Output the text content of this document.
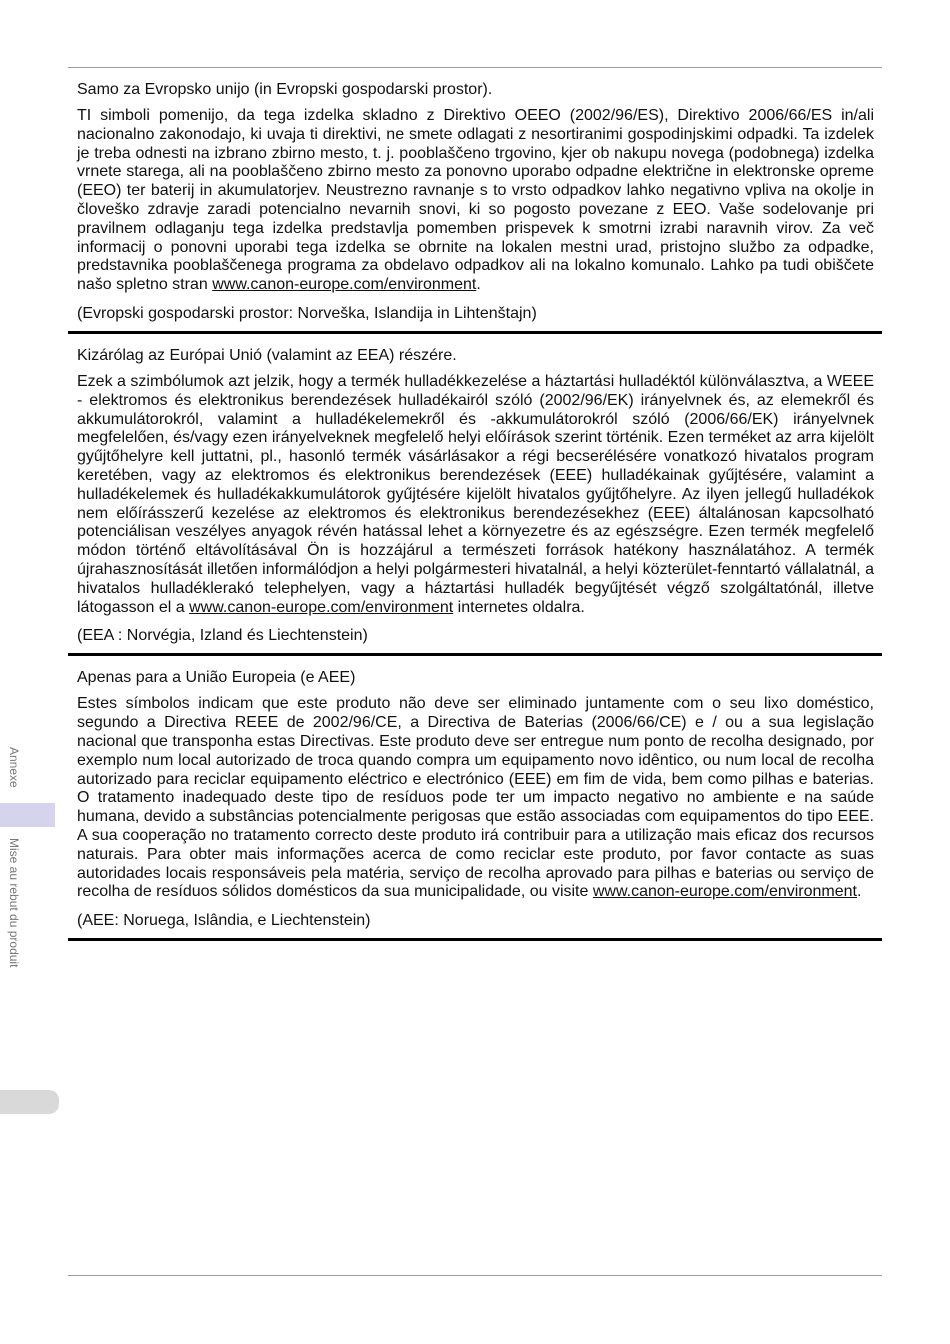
Annexe
Mise au rebut du produit

Samo za Evropsko unijo (in Evropski gospodarski prostor).

TI simboli pomenijo, da tega izdelka skladno z Direktivo OEEO (2002/96/ES), Direktivo 2006/66/ES in/ali nacionalno zakonodajo, ki uvaja ti direktivi, ne smete odlagati z nesortiranimi gospodinjskimi odpadki. Ta izdelek je treba odnesti na izbrano zbirno mesto, t. j. pooblaščeno trgovino, kjer ob nakupu novega (podobnega) izdelka vrnete starega, ali na pooblaščeno zbirno mesto za ponovno uporabo odpadne električne in elektronske opreme (EEO) ter baterij in akumulatorjev. Neustrezno ravnanje s to vrsto odpadkov lahko negativno vpliva na okolje in človeško zdravje zaradi potencialno nevarnih snovi, ki so pogosto povezane z EEO. Vaše sodelovanje pri pravilnem odlaganju tega izdelka predstavlja pomemben prispevek k smotrni izrabi naravnih virov. Za več informacij o ponovni uporabi tega izdelka se obrnite na lokalen mestni urad, pristojno službo za odpadke, predstavnika pooblaščenega programa za obdelavo odpadkov ali na lokalno komunalo. Lahko pa tudi obiščete našo spletno stran www.canon-europe.com/environment.

(Evropski gospodarski prostor: Norveška, Islandija in Lihtenštajn)

Kizárólag az Európai Unió (valamint az EEA) részére.

Ezek a szimbólumok azt jelzik, hogy a termék hulladékkezelése a háztartási hulladéktól különválasztva, a WEEE - elektromos és elektronikus berendezések hulladékairól szóló (2002/96/EK) irányelvnek és, az elemekről és akkumulátorokról, valamint a hulladékelemekről és -akkumulátorokról szóló (2006/66/EK) irányelvnek megfelelően, és/vagy ezen irányelveknek megfelelő helyi előírások szerint történik. Ezen terméket az arra kijelölt gyűjtőhelyre kell juttatni, pl., hasonló termék vásárlásakor a régi becserélésére vonatkozó hivatalos program keretében, vagy az elektromos és elektronikus berendezések (EEE) hulladékainak gyűjtésére, valamint a hulladékelemek és hulladékakkumulátorok gyűjtésére kijelölt hivatalos gyűjtőhelyre. Az ilyen jellegű hulladékok nem előírásszerű kezelése az elektromos és elektronikus berendezésekhez (EEE) általánosan kapcsolható potenciálisan veszélyes anyagok révén hatással lehet a környezetre és az egészségre. Ezen termék megfelelő módon történő eltávolításával Ön is hozzájárul a természeti források hatékony használatához. A termék újrahasznosítását illetően informálódjon a helyi polgármesteri hivatalnál, a helyi közterület-fenntartó vállalatnál, a hivatalos hulladéklerakó telephelyen, vagy a háztartási hulladék begyűjtését végző szolgáltatónál, illetve látogasson el a www.canon-europe.com/environment internetes oldalra.

(EEA : Norvégia, Izland és Liechtenstein)

Apenas para a União Europeia (e AEE)

Estes símbolos indicam que este produto não deve ser eliminado juntamente com o seu lixo doméstico, segundo a Directiva REEE de 2002/96/CE, a Directiva de Baterias (2006/66/CE) e / ou a sua legislação nacional que transponha estas Directivas. Este produto deve ser entregue num ponto de recolha designado, por exemplo num local autorizado de troca quando compra um equipamento novo idêntico, ou num local de recolha autorizado para reciclar equipamento eléctrico e electrónico (EEE) em fim de vida, bem como pilhas e baterias. O tratamento inadequado deste tipo de resíduos pode ter um impacto negativo no ambiente e na saúde humana, devido a substâncias potencialmente perigosas que estão associadas com equipamentos do tipo EEE. A sua cooperação no tratamento correcto deste produto irá contribuir para a utilização mais eficaz dos recursos naturais. Para obter mais informações acerca de como reciclar este produto, por favor contacte as suas autoridades locais responsáveis pela matéria, serviço de recolha aprovado para pilhas e baterias ou serviço de recolha de resíduos sólidos domésticos da sua municipalidade, ou visite www.canon-europe.com/environment.

(AEE: Noruega, Islândia, e Liechtenstein)
